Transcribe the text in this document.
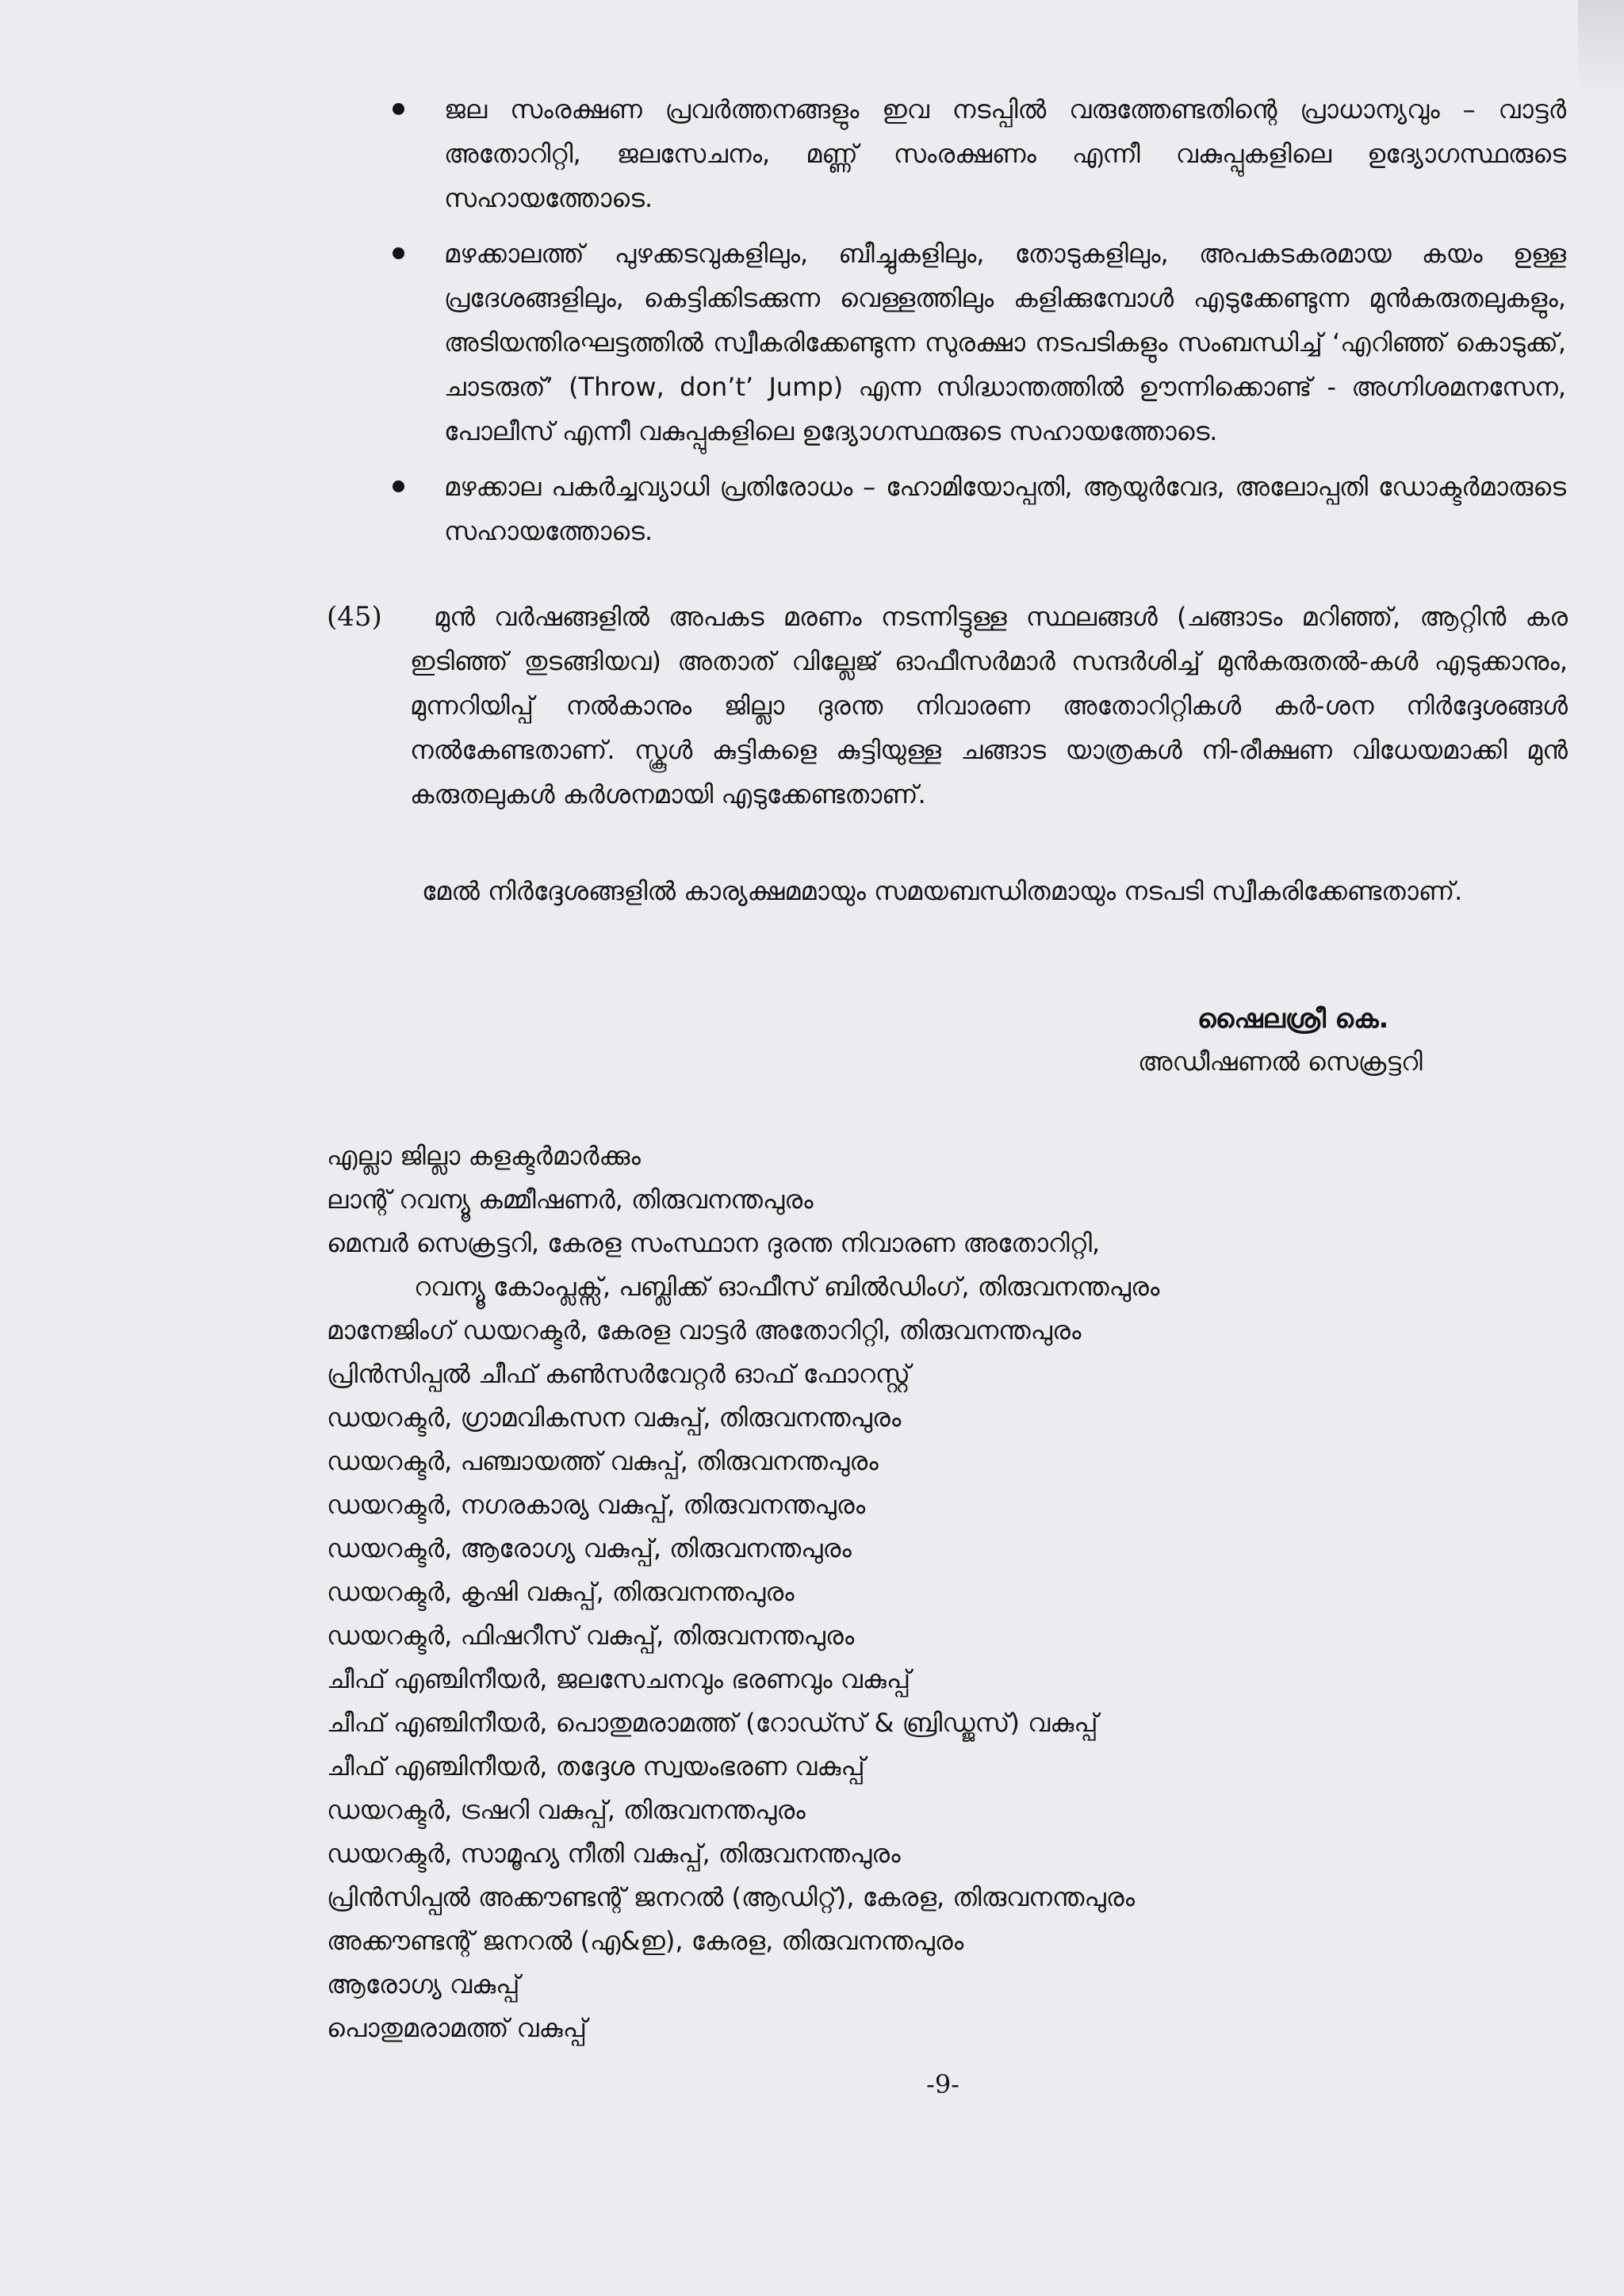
ജല സംരക്ഷണ പ്രവർത്തനങ്ങളും ഇവ നടപ്പിൽ വരുത്തേണ്ടതിന്റെ പ്രാധാന്യവും – വാട്ടർ അതോറിറ്റി, ജലസേചനം, മണ്ണ് സംരക്ഷണം എന്നീ വകുപ്പുകളിലെ ഉദ്യോഗസ്ഥരുടെ സഹായത്തോടെ.
മഴക്കാലത്ത് പുഴക്കടവുകളിലും, ബീച്ചുകളിലും, തോടുകളിലും, അപകടകരമായ കയം ഉള്ള പ്രദേശങ്ങളിലും, കെട്ടിക്കിടക്കുന്ന വെള്ളത്തിലും കളിക്കുമ്പോൾ എടുക്കേണ്ടുന്ന മുൻകരുതലുകളും, അടിയന്തിരഘട്ടത്തിൽ സ്വീകരിക്കേണ്ടുന്ന സുരക്ഷാ നടപടികളും സംബന്ധിച്ച് ‘എറിഞ്ഞ് കൊടുക്ക്, ചാടരുത്’ (Throw, don’t’ Jump) എന്ന സിദ്ധാന്തത്തിൽ ഊന്നിക്കൊണ്ട് - അഗ്നിശമനസേന, പോലീസ് എന്നീ വകുപ്പുകളിലെ ഉദ്യോഗസ്ഥരുടെ സഹായത്തോടെ.
മഴക്കാല പകർച്ചവ്യാധി പ്രതിരോധം – ഹോമിയോപ്പതി, ആയുർവേദ, അലോപ്പതി ഡോക്ടർമാരുടെ സഹായത്തോടെ.
(45)	മുൻ വർഷങ്ങളിൽ അപകട മരണം നടന്നിട്ടുള്ള സ്ഥലങ്ങൾ (ചങ്ങാടം മറിഞ്ഞ്, ആറ്റിൻ കര ഇടിഞ്ഞ് തുടങ്ങിയവ) അതാത് വില്ലേജ് ഓഫീസർമാർ സന്ദർശിച്ച് മുൻകരുതല്‍-കൾ എടുക്കാനും, മുന്നറിയിപ്പ് നൽകാനും ജില്ലാ ദുരന്ത നിവാരണ അതോറിറ്റികൾ കർ-ശന നിർദ്ദേശങ്ങൾ നൽകേണ്ടതാണ്. സ്കൂൾ കുട്ടികളെ കുട്ടിയുള്ള ചങ്ങാട യാത്രകൾ നി-രീക്ഷണ വിധേയമാക്കി മുൻ കരുതലുകൾ കർശനമായി എടുക്കേണ്ടതാണ്.
മേൽ നിർദ്ദേശങ്ങളിൽ കാര്യക്ഷമമായും സമയബന്ധിതമായും നടപടി സ്വീകരിക്കേണ്ടതാണ്.
ഷൈലശ്രീ കെ.
അഡീഷണൽ സെക്രട്ടറി
എല്ലാ ജില്ലാ കളക്ടർമാർക്കും
ലാന്റ് റവന്യൂ കമ്മീഷണർ, തിരുവനന്തപുരം
മെമ്പർ സെക്രട്ടറി, കേരള സംസ്ഥാന ദുരന്ത നിവാരണ അതോറിറ്റി,
റവന്യൂ കോംപ്ലക്സ്, പബ്ലിക്ക് ഓഫീസ് ബിൽഡിംഗ്, തിരുവനന്തപുരം
മാനേജിംഗ് ഡയറക്ടർ, കേരള വാട്ടർ അതോറിറ്റി, തിരുവനന്തപുരം
പ്രിൻസിപ്പൽ ചീഫ് കൺസർവേറ്റർ ഓഫ് ഫോറസ്റ്റ്
ഡയറക്ടർ, ഗ്രാമവികസന വകുപ്പ്, തിരുവനന്തപുരം
ഡയറക്ടർ, പഞ്ചായത്ത് വകുപ്പ്, തിരുവനന്തപുരം
ഡയറക്ടർ, നഗരകാര്യ വകുപ്പ്, തിരുവനന്തപുരം
ഡയറക്ടർ, ആരോഗ്യ വകുപ്പ്, തിരുവനന്തപുരം
ഡയറക്ടർ, കൃഷി വകുപ്പ്, തിരുവനന്തപുരം
ഡയറക്ടർ, ഫിഷറീസ് വകുപ്പ്, തിരുവനന്തപുരം
ചീഫ് എഞ്ചിനീയർ, ജലസേചനവും ഭരണവും വകുപ്പ്
ചീഫ് എഞ്ചിനീയർ, പൊതുമരാമത്ത് (റോഡ്സ് & ബ്രിഡ്ജസ്) വകുപ്പ്
ചീഫ് എഞ്ചിനീയർ, തദ്ദേശ സ്വയംഭരണ വകുപ്പ്
ഡയറക്ടർ, ട്രഷറി വകുപ്പ്, തിരുവനന്തപുരം
ഡയറക്ടർ, സാമൂഹ്യ നീതി വകുപ്പ്, തിരുവനന്തപുരം
പ്രിൻസിപ്പൽ അക്കൗണ്ടന്റ് ജനറൽ (ആഡിറ്റ്), കേരള, തിരുവനന്തപുരം
അക്കൗണ്ടന്റ് ജനറൽ (എ&ഇ), കേരള, തിരുവനന്തപുരം
ആരോഗ്യ വകുപ്പ്
പൊതുമരാമത്ത് വകുപ്പ്
-9-
